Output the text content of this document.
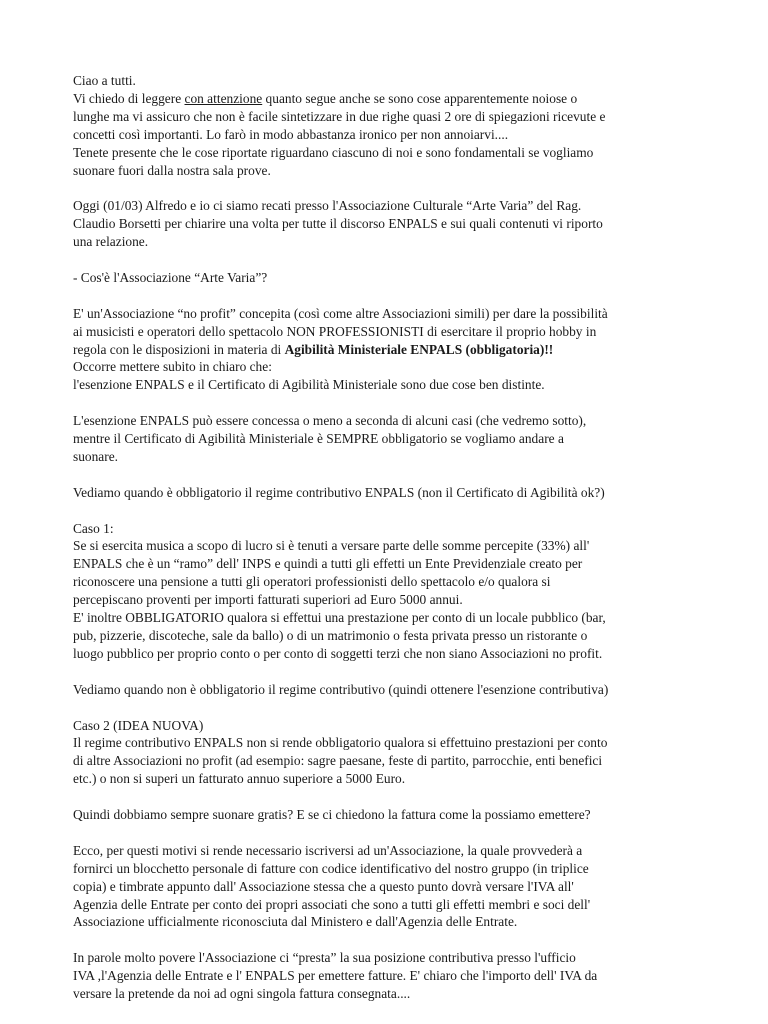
Ciao a tutti.
Vi chiedo di leggere con attenzione quanto segue anche se sono cose apparentemente noiose o
lunghe ma vi assicuro che non è facile sintetizzare in due righe quasi 2 ore di spiegazioni ricevute e
concetti così importanti. Lo farò in modo abbastanza ironico per non annoiarvi....
Tenete presente che le cose riportate riguardano ciascuno di noi e sono fondamentali se vogliamo
suonare fuori dalla nostra sala prove.

Oggi (01/03) Alfredo e io ci siamo recati presso l'Associazione Culturale “Arte Varia” del Rag.
Claudio Borsetti per chiarire una volta per tutte il discorso ENPALS e sui quali contenuti vi riporto
una relazione.

- Cos'è l'Associazione “Arte Varia”?

E' un'Associazione “no profit” concepita (così come altre Associazioni simili) per dare la possibilità
ai musicisti e operatori dello spettacolo NON PROFESSIONISTI di esercitare il proprio hobby in
regola con le disposizioni in materia di Agibilità Ministeriale ENPALS (obbligatoria)!!
Occorre mettere subito in chiaro che:
l'esenzione ENPALS e il Certificato di Agibilità Ministeriale sono due cose ben distinte.

L'esenzione ENPALS può essere concessa o meno a seconda di alcuni casi (che vedremo sotto),
mentre il Certificato di Agibilità Ministeriale è SEMPRE obbligatorio se vogliamo andare a
suonare.

Vediamo quando è obbligatorio il regime contributivo ENPALS (non il Certificato di Agibilità ok?)

Caso 1:
Se si esercita musica a scopo di lucro si è tenuti a versare parte delle somme percepite (33%) all'
ENPALS che è un “ramo” dell' INPS e quindi a tutti gli effetti un Ente Previdenziale creato per
riconoscere una pensione a tutti gli operatori professionisti dello spettacolo e/o qualora si
percepiscano proventi per importi fatturati superiori ad Euro 5000 annui.
E' inoltre OBBLIGATORIO qualora si effettui una prestazione per conto di un locale pubblico (bar,
pub, pizzerie, discoteche, sale da ballo) o di un matrimonio o festa privata presso un ristorante o
luogo pubblico per proprio conto o per conto di soggetti terzi che non siano Associazioni no profit.

Vediamo quando non è obbligatorio il regime contributivo (quindi ottenere l'esenzione contributiva)

Caso 2 (IDEA NUOVA)
Il regime contributivo ENPALS non si rende obbligatorio qualora si effettuino prestazioni per conto
di altre Associazioni no profit (ad esempio: sagre paesane, feste di partito, parrocchie, enti benefici
etc.) o non si superi un fatturato annuo superiore a 5000 Euro.

Quindi dobbiamo sempre suonare gratis? E se ci chiedono la fattura come la possiamo emettere?

Ecco, per questi motivi si rende necessario iscriversi ad un'Associazione, la quale provvederà a
fornirci un blocchetto personale di fatture con codice identificativo del nostro gruppo (in triplice
copia) e timbrate appunto dall' Associazione stessa che a questo punto dovrà versare l'IVA all'
Agenzia delle Entrate per conto dei propri associati che sono a tutti gli effetti membri e soci dell'
Associazione ufficialmente riconosciuta dal Ministero e dall'Agenzia delle Entrate.

In parole molto povere l'Associazione ci “presta” la sua posizione contributiva presso l'ufficio
IVA ,l'Agenzia delle Entrate e l' ENPALS per emettere fatture. E' chiaro che l'importo dell' IVA da
versare la pretende da noi ad ogni singola fattura consegnata....
